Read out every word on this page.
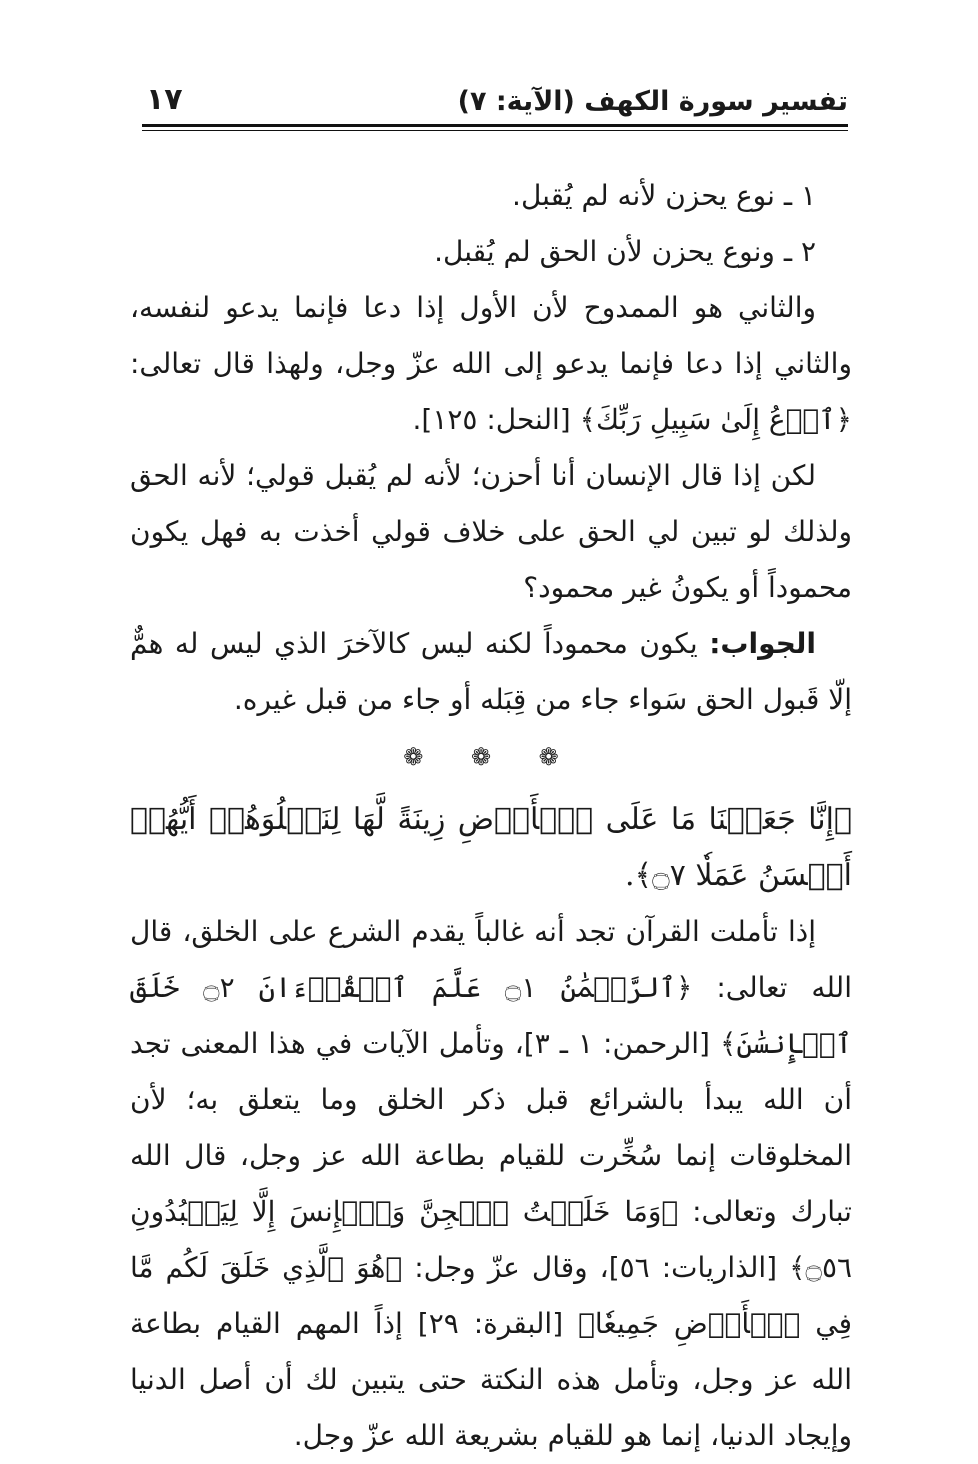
تفسير سورة الكهف (الآية: ٧)
١٧

١ ـ نوع يحزن لأنه لم يُقبل.

٢ ـ ونوع يحزن لأن الحق لم يُقبل.

والثاني هو الممدوح لأن الأول إذا دعا فإنما يدعو لنفسه، والثاني إذا دعا فإنما يدعو إلى الله عزّ وجل، ولهذا قال تعالى: ﴿ٱدۡعُ إِلَىٰ سَبِيلِ رَبِّكَ﴾ [النحل: ١٢٥].

لكن إذا قال الإنسان أنا أحزن؛ لأنه لم يُقبل قولي؛ لأنه الحق ولذلك لو تبين لي الحق على خلاف قولي أخذت به فهل يكون محموداً أو يكونُ غير محمود؟

الجواب: يكون محموداً لكنه ليس كالآخرَ الذي ليس له همٌّ إلّا قَبول الحق سَواء جاء من قِبَله أو جاء من قبل غيره.

❁ ❁ ❁

﴿إِنَّا جَعَلۡنَا مَا عَلَى ٱلۡأَرۡضِ زِينَةً لَّهَا لِنَبۡلُوَهُمۡ أَيُّهُمۡ أَحۡسَنُ عَمَلٗا ۝٧﴾.

إذا تأملت القرآن تجد أنه غالباً يقدم الشرع على الخلق، قال الله تعالى: ﴿ٱلرَّحۡمَٰنُ ۝١ عَلَّمَ ٱلۡقُرۡءَانَ ۝٢ خَلَقَ ٱلۡإِنسَٰنَ﴾ [الرحمن: ١ ـ ٣]، وتأمل الآيات في هذا المعنى تجد أن الله يبدأ بالشرائع قبل ذكر الخلق وما يتعلق به؛ لأن المخلوقات إنما سُخِّرت للقيام بطاعة الله عز وجل، قال الله تبارك وتعالى: ﴿وَمَا خَلَقۡتُ ٱلۡجِنَّ وَٱلۡإِنسَ إِلَّا لِيَعۡبُدُونِ ۝٥٦﴾ [الذاريات: ٥٦]، وقال عزّ وجل: ﴿هُوَ ٱلَّذِي خَلَقَ لَكُم مَّا فِي ٱلۡأَرۡضِ جَمِيعٗا﴾ [البقرة: ٢٩] إذاً المهم القيام بطاعة الله عز وجل، وتأمل هذه النكتة حتى يتبين لك أن أصل الدنيا وإيجاد الدنيا، إنما هو للقيام بشريعة الله عزّ وجل.
